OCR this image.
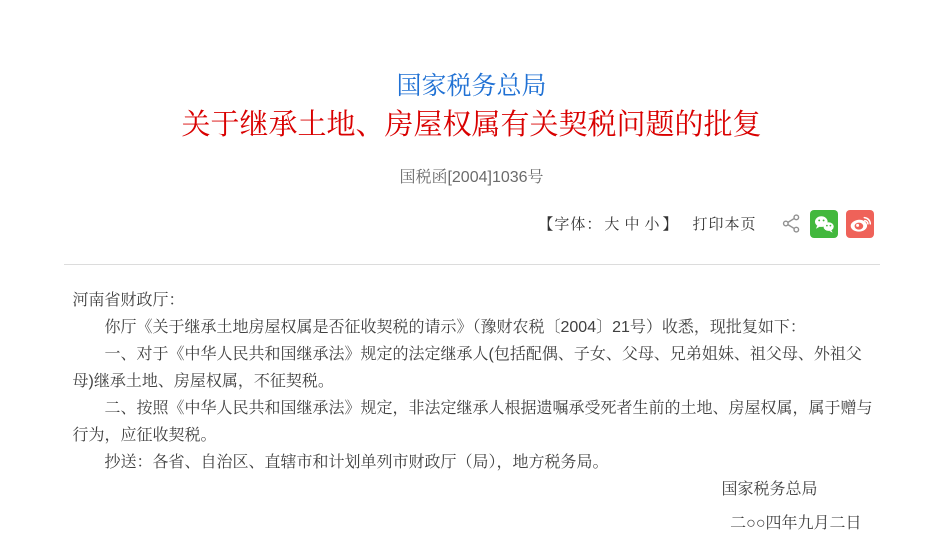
国家税务总局
关于继承土地、房屋权属有关契税问题的批复
国税函[2004]1036号
【字体： 大 中 小 】 打印本页

河南省财政厅：

你厅《关于继承土地房屋权属是否征收契税的请示》（豫财农税〔2004〕21号）收悉，现批复如下：

一、对于《中华人民共和国继承法》规定的法定继承人(包括配偶、子女、父母、兄弟姐妹、祖父母、外祖父母)继承土地、房屋权属，不征契税。

二、按照《中华人民共和国继承法》规定，非法定继承人根据遗嘱承受死者生前的土地、房屋权属，属于赠与行为，应征收契税。

抄送：各省、自治区、直辖市和计划单列市财政厅（局），地方税务局。

国家税务总局
二○○四年九月二日
